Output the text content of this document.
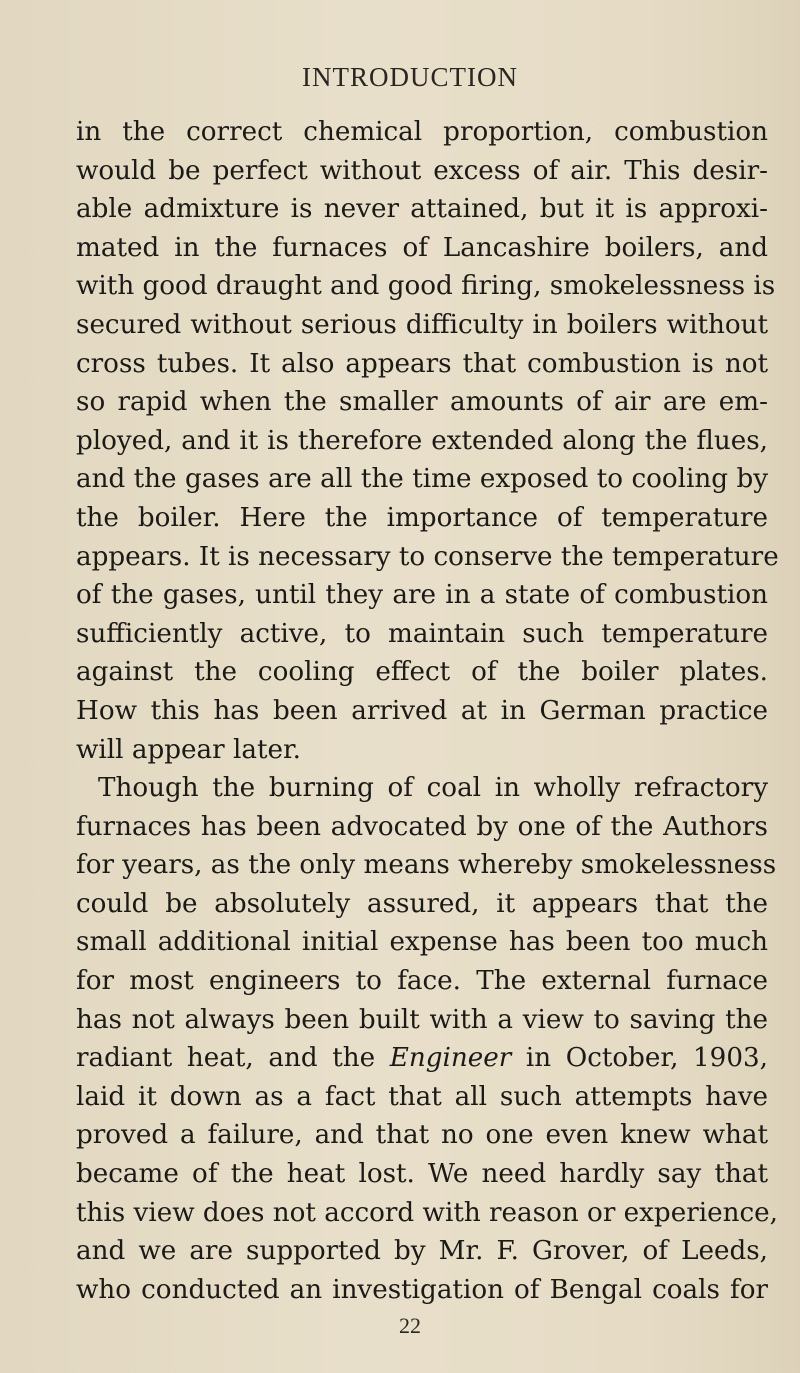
INTRODUCTION
in the correct chemical proportion, combustion
would be perfect without excess of air. This desir-
able admixture is never attained, but it is approxi-
mated in the furnaces of Lancashire boilers, and
with good draught and good firing, smokelessness is
secured without serious difficulty in boilers without
cross tubes. It also appears that combustion is not
so rapid when the smaller amounts of air are em-
ployed, and it is therefore extended along the flues,
and the gases are all the time exposed to cooling by
the boiler. Here the importance of temperature
appears. It is necessary to conserve the temperature
of the gases, until they are in a state of combustion
sufficiently active, to maintain such temperature
against the cooling effect of the boiler plates.
How this has been arrived at in German practice
will appear later.
Though the burning of coal in wholly refractory
furnaces has been advocated by one of the Authors
for years, as the only means whereby smokelessness
could be absolutely assured, it appears that the
small additional initial expense has been too much
for most engineers to face. The external furnace
has not always been built with a view to saving the
radiant heat, and the Engineer in October, 1903,
laid it down as a fact that all such attempts have
proved a failure, and that no one even knew what
became of the heat lost. We need hardly say that
this view does not accord with reason or experience,
and we are supported by Mr. F. Grover, of Leeds,
who conducted an investigation of Bengal coals for
22
